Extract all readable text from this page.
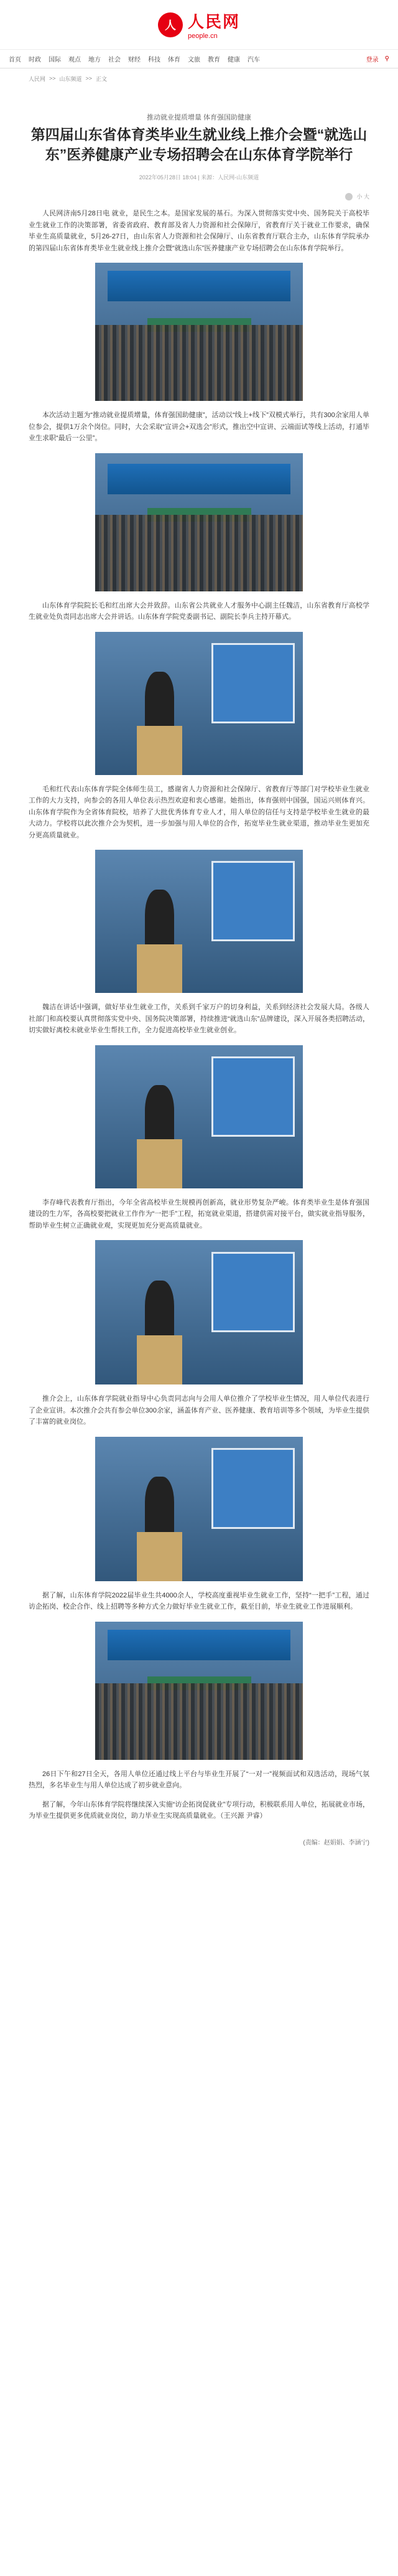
人 人民网
people.cn
首页 时政 国际 观点 地方 社会 财经 科技 体育 文旅 教育 健康 汽车	登录 ⚲
人民网 >> 山东频道 >> 正文
推动就业提质增量 体育强国助健康
第四届山东省体育类毕业生就业线上推介会暨“就选山东”医养健康产业专场招聘会在山东体育学院举行
2022年05月28日 18:04 | 来源：人民网-山东频道
小 大

人民网济南5月28日电 就业，是民生之本。是国家发展的基石。为深入贯彻落实党中央、国务院关于高校毕业生就业工作的决策部署，省委省政府、教育部及省人力资源和社会保障厅，省教育厅关于就业工作要求，确保毕业生高质量就业，5月26-27日，由山东省人力资源和社会保障厅、山东省教育厅联合主办，山东体育学院承办的第四届山东省体育类毕业生就业线上推介会暨“就选山东”医养健康产业专场招聘会在山东体育学院举行。

本次活动主题为“推动就业提质增量，体育强国助健康”，活动以“线上+线下”双模式举行，共有300余家用人单位参会，提供1万余个岗位。同时，大会采取“宣讲会+双选会”形式，推出空中宣讲、云端面试等线上活动，打通毕业生求职“最后一公里”。

山东体育学院院长毛和红出席大会并致辞。山东省公共就业人才服务中心副主任魏洁，山东省教育厅高校学生就业处负责同志出席大会并讲话。山东体育学院党委副书记、副院长李兵主持开幕式。

毛和红代表山东体育学院全体师生员工，感谢省人力资源和社会保障厅、省教育厅等部门对学校毕业生就业工作的大力支持，向参会的各用人单位表示热烈欢迎和衷心感谢。她指出，体育强则中国强，国运兴则体育兴。山东体育学院作为全省体育院校，培养了大批优秀体育专业人才，用人单位的信任与支持是学校毕业生就业的最大动力。学校将以此次推介会为契机，进一步加强与用人单位的合作，拓宽毕业生就业渠道，推动毕业生更加充分更高质量就业。

魏洁在讲话中强调，做好毕业生就业工作，关系到千家万户的切身利益，关系到经济社会发展大局。各级人社部门和高校要认真贯彻落实党中央、国务院决策部署，持续推进“就选山东”品牌建设，深入开展各类招聘活动，切实做好离校未就业毕业生帮扶工作，全力促进高校毕业生就业创业。

李存峰代表教育厅指出，今年全省高校毕业生规模再创新高，就业形势复杂严峻。体育类毕业生是体育强国建设的生力军，各高校要把就业工作作为“一把手”工程，拓宽就业渠道，搭建供需对接平台，做实就业指导服务，帮助毕业生树立正确就业观，实现更加充分更高质量就业。

推介会上，山东体育学院就业指导中心负责同志向与会用人单位推介了学校毕业生情况，用人单位代表进行了企业宣讲。本次推介会共有参会单位300余家，涵盖体育产业、医养健康、教育培训等多个领域，为毕业生提供了丰富的就业岗位。

据了解，山东体育学院2022届毕业生共4000余人，学校高度重视毕业生就业工作，坚持“一把手”工程，通过访企拓岗、校企合作、线上招聘等多种方式全力做好毕业生就业工作，截至目前，毕业生就业工作进展顺利。

26日下午和27日全天，各用人单位还通过线上平台与毕业生开展了“一对一”视频面试和双选活动，现场气氛热烈，多名毕业生与用人单位达成了初步就业意向。

据了解，今年山东体育学院将继续深入实施“访企拓岗促就业”专项行动，积极联系用人单位，拓展就业市场，为毕业生提供更多优质就业岗位，助力毕业生实现高质量就业。（王兴源 尹睿）

(责编：赵娟娟、李涵宁)
